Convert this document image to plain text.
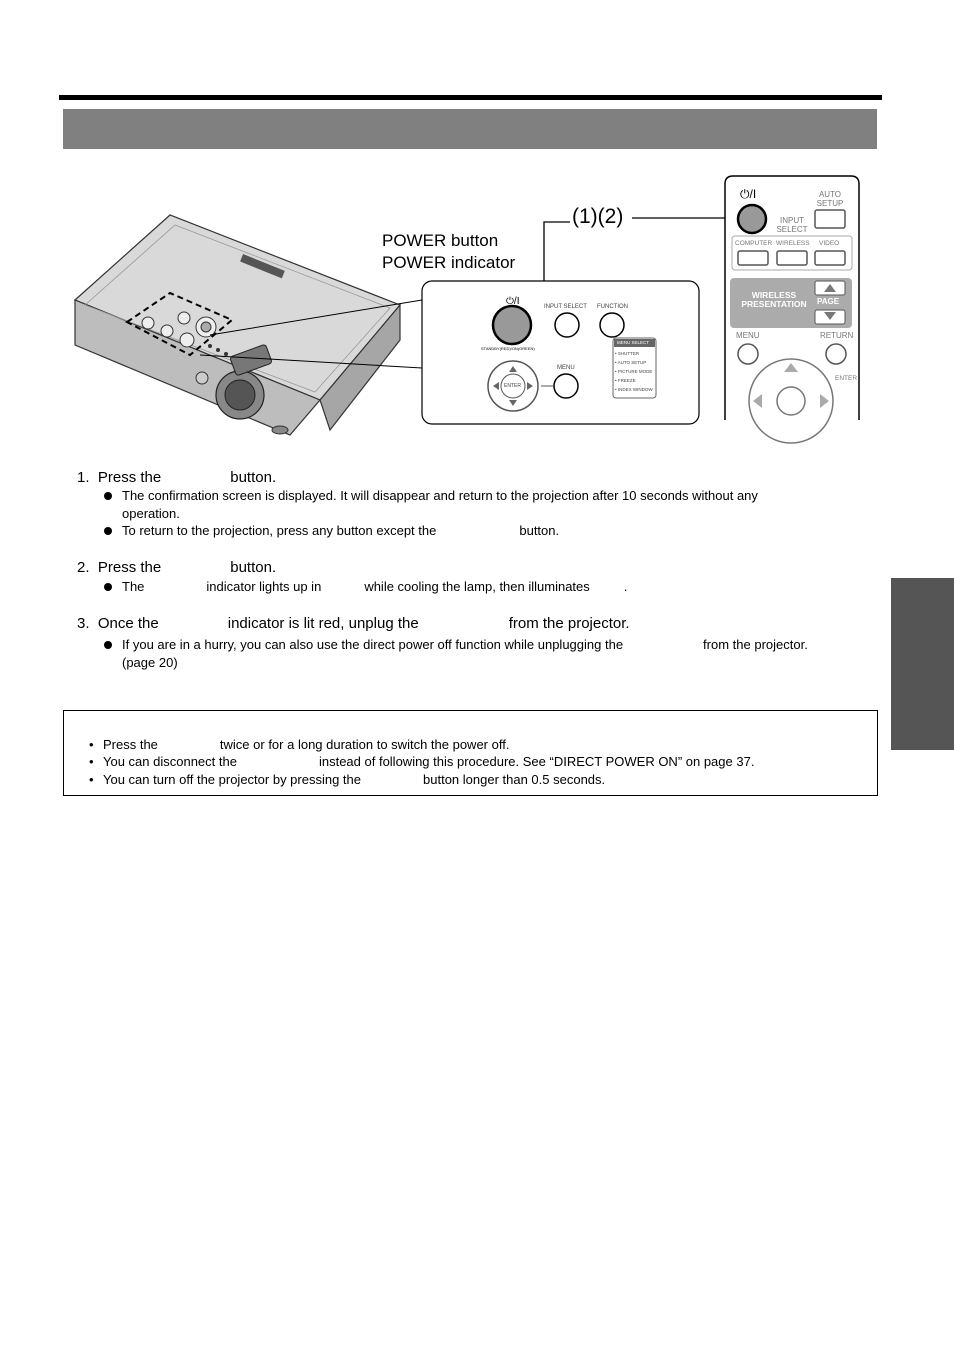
POWER button
POWER indicator
(1)(2)
⏻/I	INPUT SELECT FUNCTION
MENU
ENTER
STANDBY(RED)/ON(GREEN)
MENU SELECT
• SHUTTER
• AUTO SETUP
• PICTURE MODE
• FREEZE
• INDEX WINDOW
⏻/I	AUTO SETUP
INPUT SELECT
COMPUTER WIRELESS VIDEO
WIRELESS PRESENTATION	PAGE
MENU	RETURN
ENTER
1. Press the	button.
The confirmation screen is displayed. It will disappear and return to the projection after 10 seconds without any
operation.
To return to the projection, press any button except the	button.
2. Press the	button.
The	indicator lights up in	while cooling the lamp, then illuminates	.
3. Once the	indicator is lit red, unplug the	from the projector.
If you are in a hurry, you can also use the direct power off function while unplugging the	from the projector.
(page 20)
• Press the	twice or for a long duration to switch the power off.
• You can disconnect the	instead of following this procedure. See “DIRECT POWER ON” on page 37.
• You can turn off the projector by pressing the	button longer than 0.5 seconds.
